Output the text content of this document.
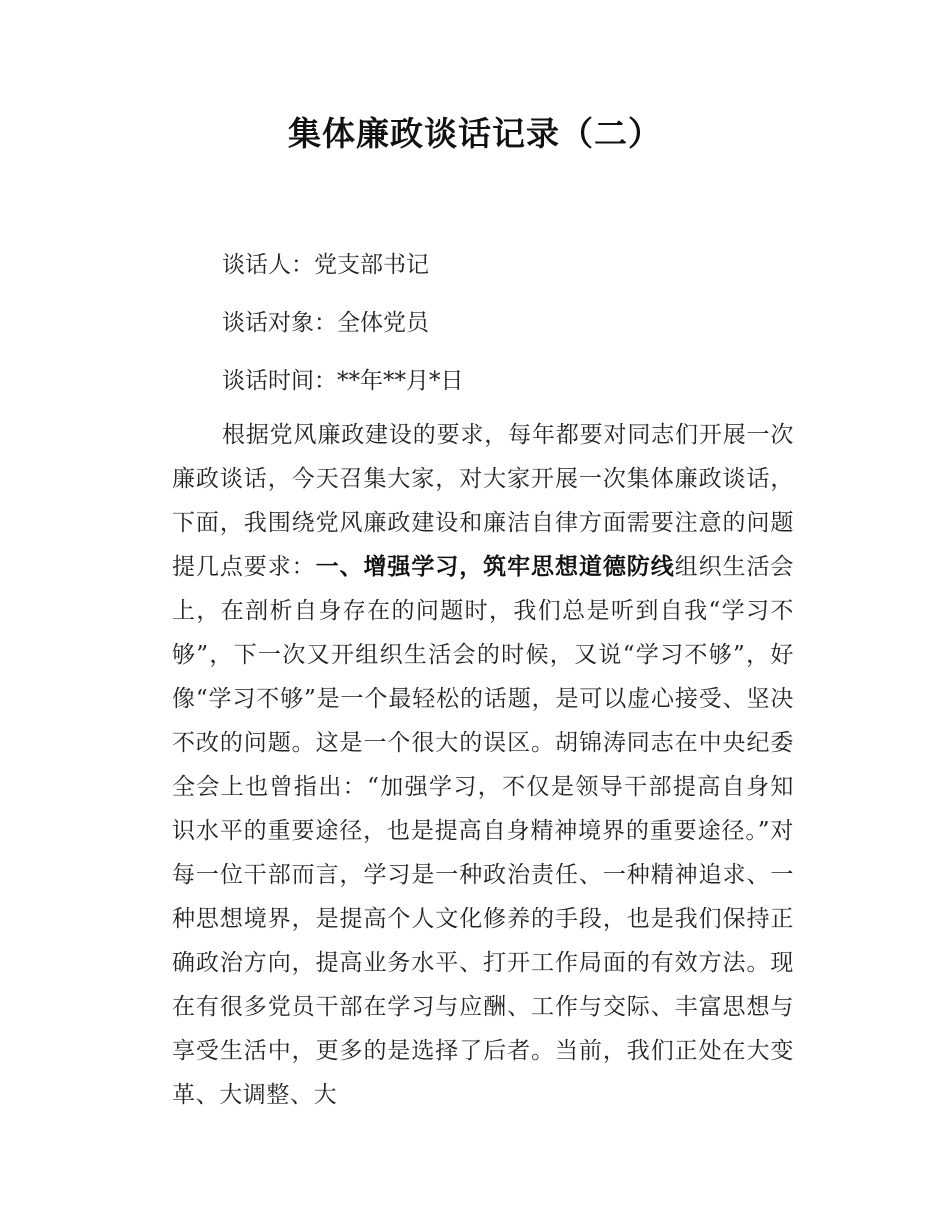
集体廉政谈话记录（二）

谈话人：党支部书记

谈话对象：全体党员

谈话时间：**年**月*日

根据党风廉政建设的要求，每年都要对同志们开展一次廉政谈话，今天召集大家，对大家开展一次集体廉政谈话，下面，我围绕党风廉政建设和廉洁自律方面需要注意的问题提几点要求：一、增强学习，筑牢思想道德防线组织生活会上，在剖析自身存在的问题时，我们总是听到自我“学习不够”，下一次又开组织生活会的时候，又说“学习不够”，好像“学习不够”是一个最轻松的话题，是可以虚心接受、坚决不改的问题。这是一个很大的误区。胡锦涛同志在中央纪委全会上也曾指出：“加强学习，不仅是领导干部提高自身知识水平的重要途径，也是提高自身精神境界的重要途径。”对每一位干部而言，学习是一种政治责任、一种精神追求、一种思想境界，是提高个人文化修养的手段，也是我们保持正确政治方向，提高业务水平、打开工作局面的有效方法。现在有很多党员干部在学习与应酬、工作与交际、丰富思想与享受生活中，更多的是选择了后者。当前，我们正处在大变革、大调整、大
